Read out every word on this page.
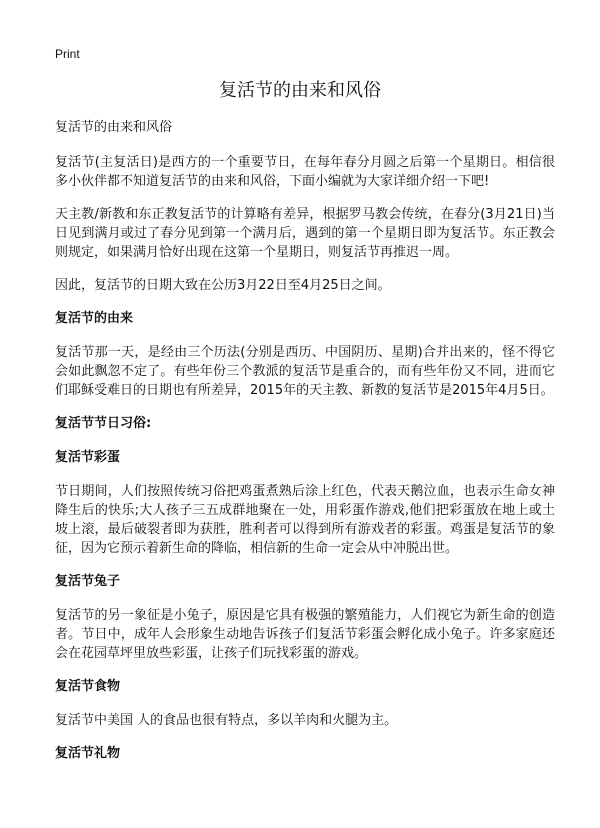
Print
复活节的由来和风俗

复活节的由来和风俗

复活节(主复活日)是西方的一个重要节日，在每年春分月圆之后第一个星期日。相信很多小伙伴都不知道复活节的由来和风俗，下面小编就为大家详细介绍一下吧!

天主教/新教和东正教复活节的计算略有差异，根据罗马教会传统，在春分(3月21日)当日见到满月或过了春分见到第一个满月后，遇到的第一个星期日即为复活节。东正教会则规定，如果满月恰好出现在这第一个星期日，则复活节再推迟一周。

因此，复活节的日期大致在公历3月22日至4月25日之间。

复活节的由来

复活节那一天，是经由三个历法(分别是西历、中国阴历、星期)合并出来的，怪不得它会如此飘忽不定了。有些年份三个教派的复活节是重合的，而有些年份又不同，进而它们耶稣受难日的日期也有所差异，2015年的天主教、新教的复活节是2015年4月5日。

复活节节日习俗:
复活节彩蛋

节日期间，人们按照传统习俗把鸡蛋煮熟后涂上红色，代表天鹅泣血，也表示生命女神降生后的快乐;大人孩子三五成群地聚在一处，用彩蛋作游戏,他们把彩蛋放在地上或土坡上滚，最后破裂者即为获胜，胜利者可以得到所有游戏者的彩蛋。鸡蛋是复活节的象征，因为它预示着新生命的降临，相信新的生命一定会从中冲脱出世。

复活节兔子

复活节的另一象征是小兔子，原因是它具有极强的繁殖能力，人们视它为新生命的创造者。节日中，成年人会形象生动地告诉孩子们复活节彩蛋会孵化成小兔子。许多家庭还会在花园草坪里放些彩蛋，让孩子们玩找彩蛋的游戏。

复活节食物

复活节中美国 人的食品也很有特点，多以羊肉和火腿为主。

复活节礼物
